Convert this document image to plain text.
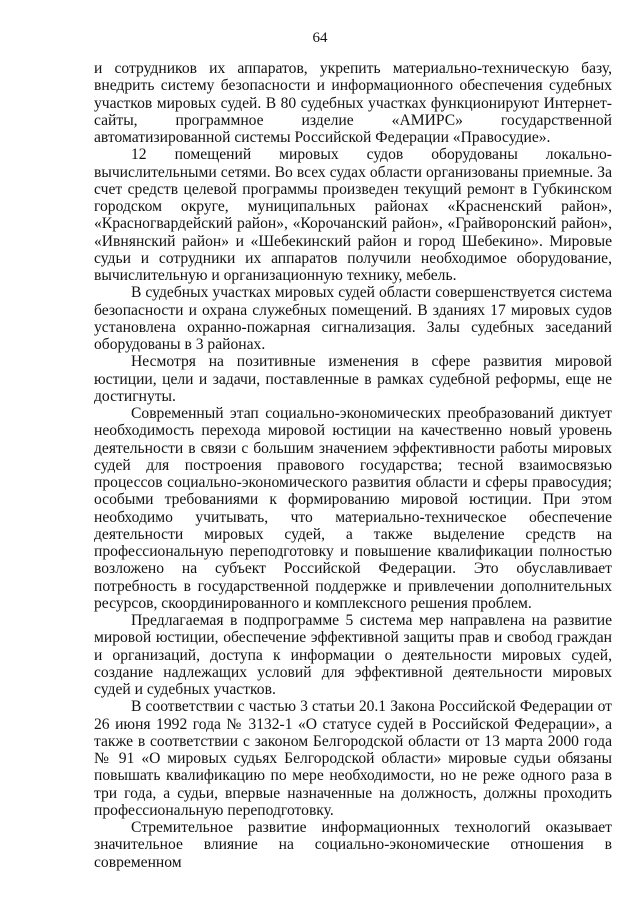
64

и сотрудников их аппаратов, укрепить материально-техническую базу, внедрить систему безопасности и информационного обеспечения судебных участков мировых судей. В 80 судебных участках функционируют Интернет-сайты, программное изделие «АМИРС» государственной автоматизированной системы Российской Федерации «Правосудие».

12 помещений мировых судов оборудованы локально-вычислительными сетями. Во всех судах области организованы приемные. За счет средств целевой программы произведен текущий ремонт в Губкинском городском округе, муниципальных районах «Красненский район», «Красногвардейский район», «Корочанский район», «Грайворонский район», «Ивнянский район» и «Шебекинский район и город Шебекино». Мировые судьи и сотрудники их аппаратов получили необходимое оборудование, вычислительную и организационную технику, мебель.

В судебных участках мировых судей области совершенствуется система безопасности и охрана служебных помещений. В зданиях 17 мировых судов установлена охранно-пожарная сигнализация. Залы судебных заседаний оборудованы в 3 районах.

Несмотря на позитивные изменения в сфере развития мировой юстиции, цели и задачи, поставленные в рамках судебной реформы, еще не достигнуты.

Современный этап социально-экономических преобразований диктует необходимость перехода мировой юстиции на качественно новый уровень деятельности в связи с большим значением эффективности работы мировых судей для построения правового государства; тесной взаимосвязью процессов социально-экономического развития области и сферы правосудия; особыми требованиями к формированию мировой юстиции. При этом необходимо учитывать, что материально-техническое обеспечение деятельности мировых судей, а также выделение средств на профессиональную переподготовку и повышение квалификации полностью возложено на субъект Российской Федерации. Это обуславливает потребность в государственной поддержке и привлечении дополнительных ресурсов, скоординированного и комплексного решения проблем.

Предлагаемая в подпрограмме 5 система мер направлена на развитие мировой юстиции, обеспечение эффективной защиты прав и свобод граждан и организаций, доступа к информации о деятельности мировых судей, создание надлежащих условий для эффективной деятельности мировых судей и судебных участков.

В соответствии с частью 3 статьи 20.1 Закона Российской Федерации от 26 июня 1992 года № 3132-1 «О статусе судей в Российской Федерации», а также в соответствии с законом Белгородской области от 13 марта 2000 года № 91 «О мировых судьях Белгородской области» мировые судьи обязаны повышать квалификацию по мере необходимости, но не реже одного раза в три года, а судьи, впервые назначенные на должность, должны проходить профессиональную переподготовку.

Стремительное развитие информационных технологий оказывает значительное влияние на социально-экономические отношения в современном
